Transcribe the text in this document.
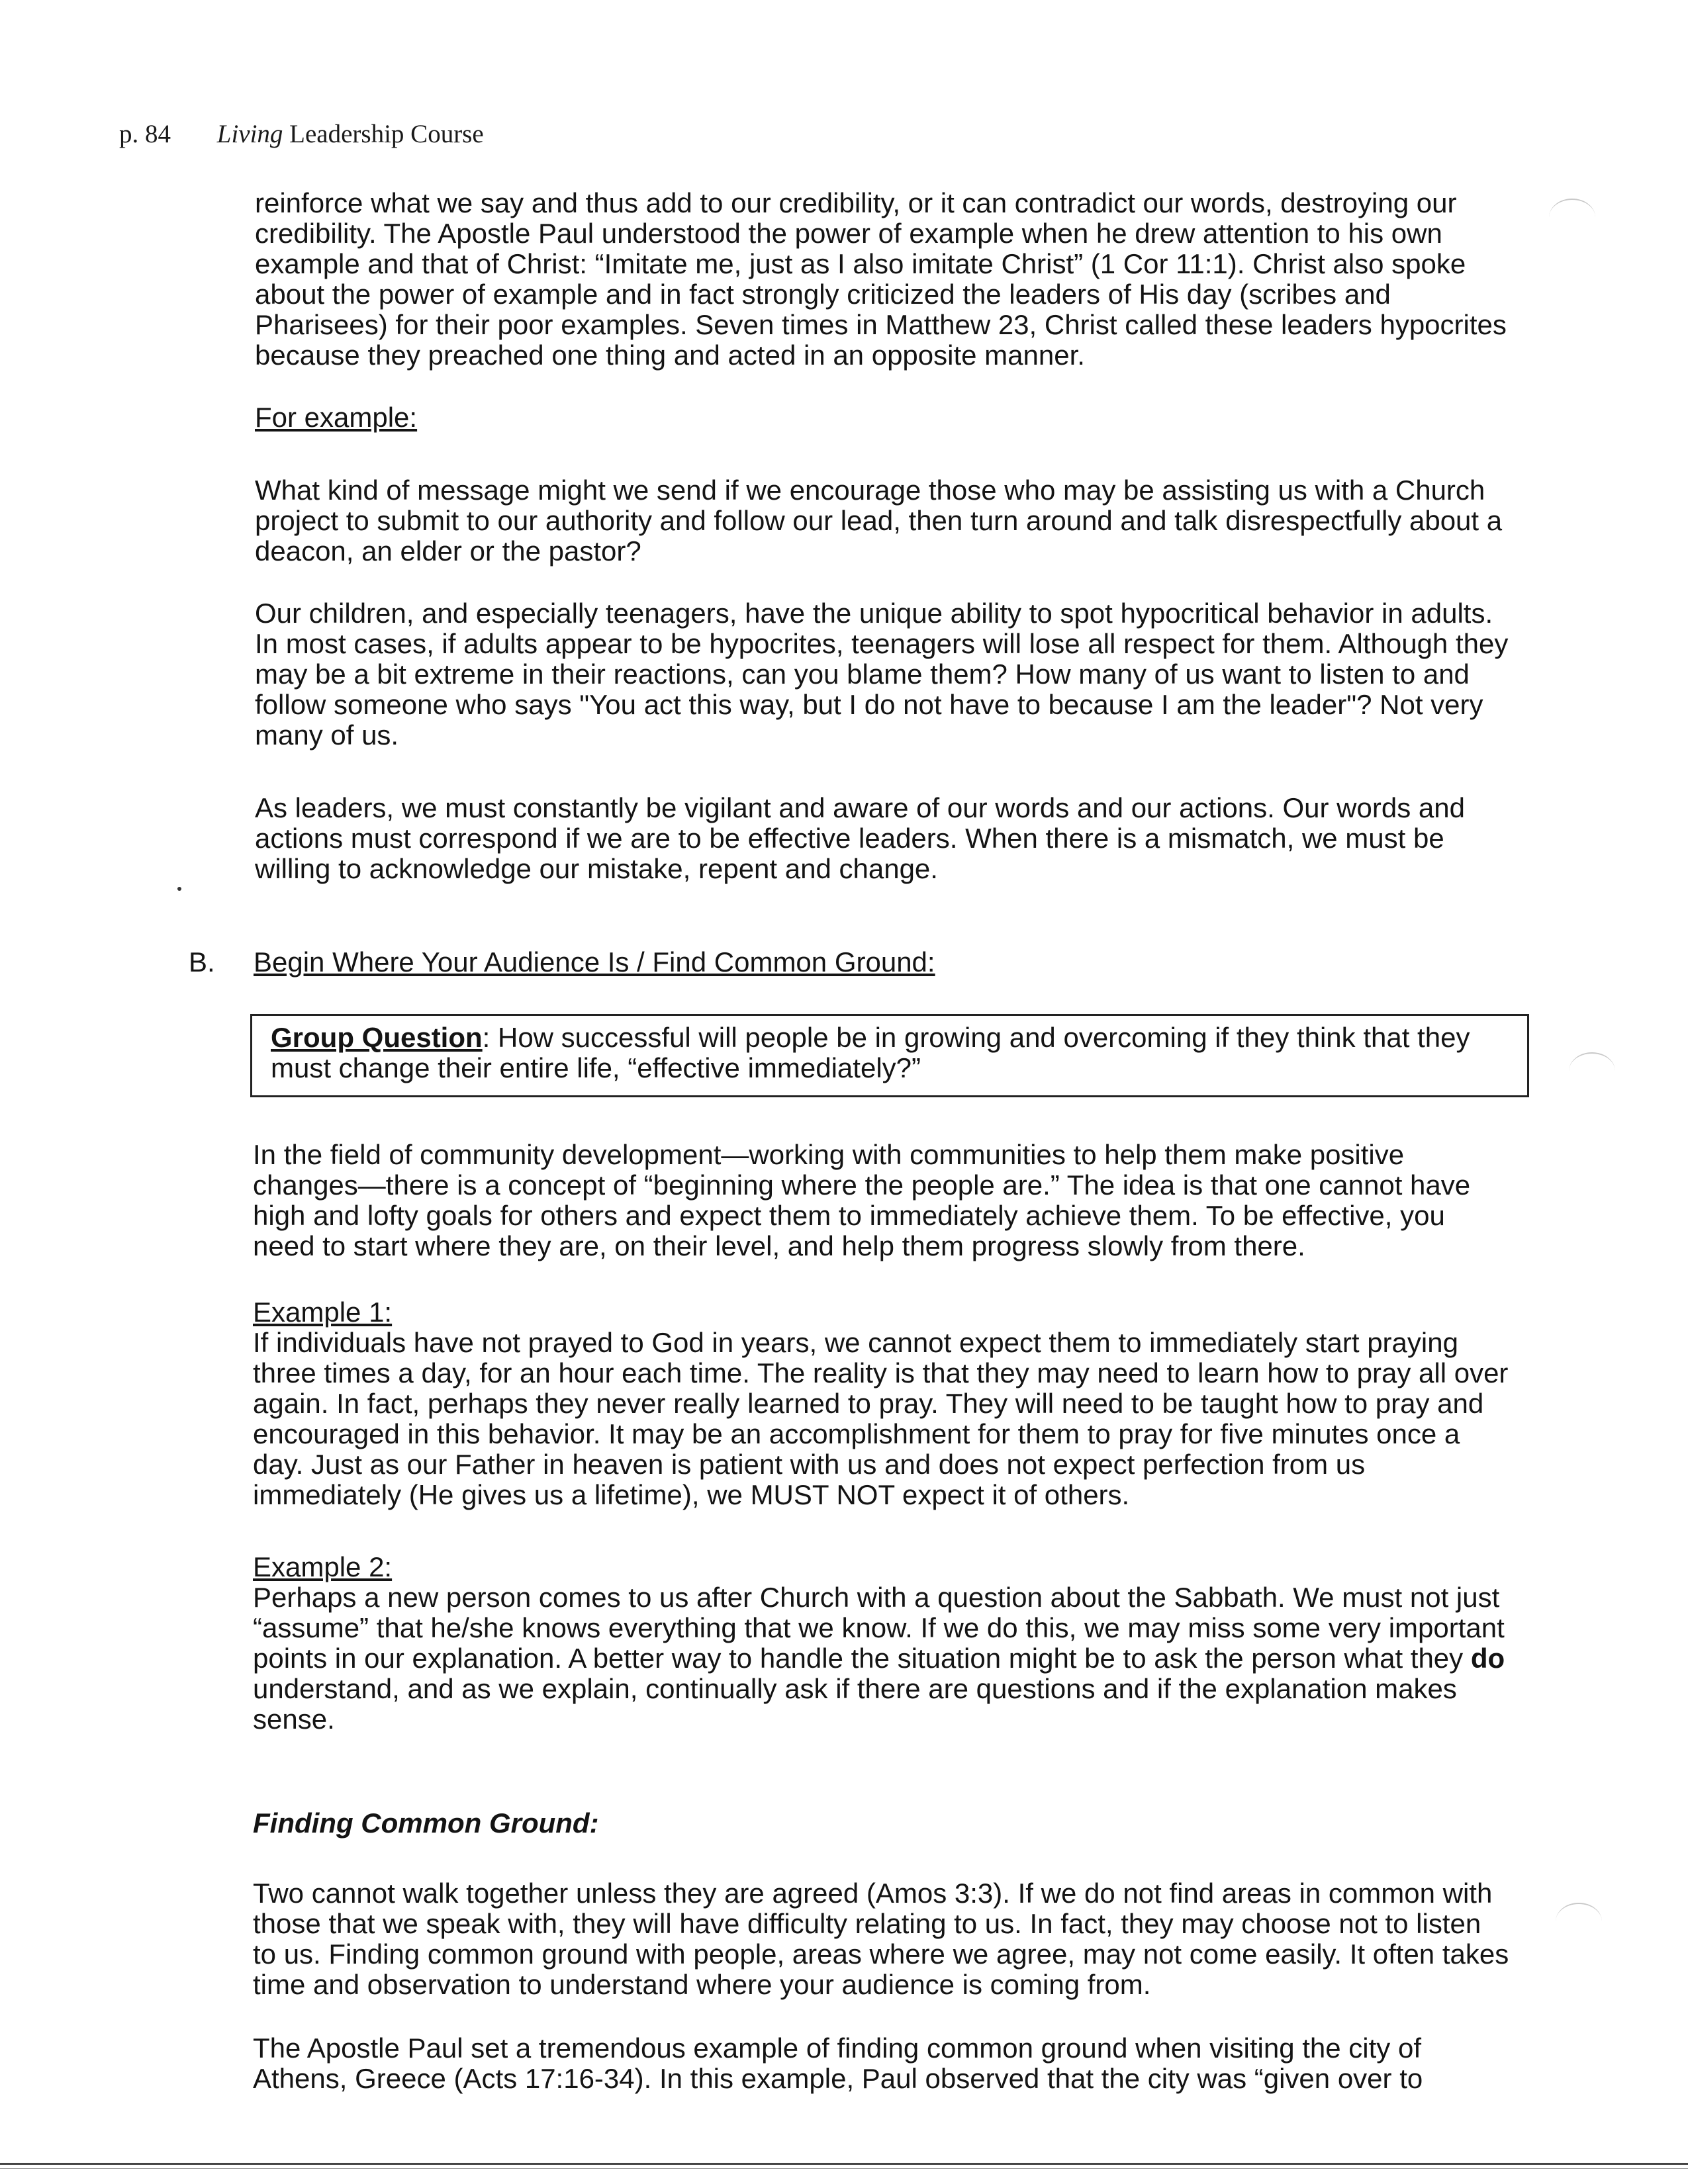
p. 84 Living Leadership Course

reinforce what we say and thus add to our credibility, or it can contradict our words, destroying our credibility. The Apostle Paul understood the power of example when he drew attention to his own example and that of Christ: “Imitate me, just as I also imitate Christ” (1 Cor 11:1). Christ also spoke about the power of example and in fact strongly criticized the leaders of His day (scribes and Pharisees) for their poor examples. Seven times in Matthew 23, Christ called these leaders hypocrites because they preached one thing and acted in an opposite manner.

For example:

What kind of message might we send if we encourage those who may be assisting us with a Church project to submit to our authority and follow our lead, then turn around and talk disrespectfully about a deacon, an elder or the pastor?

Our children, and especially teenagers, have the unique ability to spot hypocritical behavior in adults. In most cases, if adults appear to be hypocrites, teenagers will lose all respect for them. Although they may be a bit extreme in their reactions, can you blame them? How many of us want to listen to and follow someone who says "You act this way, but I do not have to because I am the leader"? Not very many of us.

As leaders, we must constantly be vigilant and aware of our words and our actions. Our words and actions must correspond if we are to be effective leaders. When there is a mismatch, we must be willing to acknowledge our mistake, repent and change.

B. Begin Where Your Audience Is / Find Common Ground:
Group Question: How successful will people be in growing and overcoming if they think that they must change their entire life, “effective immediately?”

In the field of community development—working with communities to help them make positive changes—there is a concept of “beginning where the people are.” The idea is that one cannot have high and lofty goals for others and expect them to immediately achieve them. To be effective, you need to start where they are, on their level, and help them progress slowly from there.

Example 1:

If individuals have not prayed to God in years, we cannot expect them to immediately start praying three times a day, for an hour each time. The reality is that they may need to learn how to pray all over again. In fact, perhaps they never really learned to pray. They will need to be taught how to pray and encouraged in this behavior. It may be an accomplishment for them to pray for five minutes once a day. Just as our Father in heaven is patient with us and does not expect perfection from us immediately (He gives us a lifetime), we MUST NOT expect it of others.

Example 2:

Perhaps a new person comes to us after Church with a question about the Sabbath. We must not just “assume” that he/she knows everything that we know. If we do this, we may miss some very important points in our explanation. A better way to handle the situation might be to ask the person what they do understand, and as we explain, continually ask if there are questions and if the explanation makes sense.

Finding Common Ground:

Two cannot walk together unless they are agreed (Amos 3:3). If we do not find areas in common with those that we speak with, they will have difficulty relating to us. In fact, they may choose not to listen to us. Finding common ground with people, areas where we agree, may not come easily. It often takes time and observation to understand where your audience is coming from.

The Apostle Paul set a tremendous example of finding common ground when visiting the city of Athens, Greece (Acts 17:16-34). In this example, Paul observed that the city was “given over to
